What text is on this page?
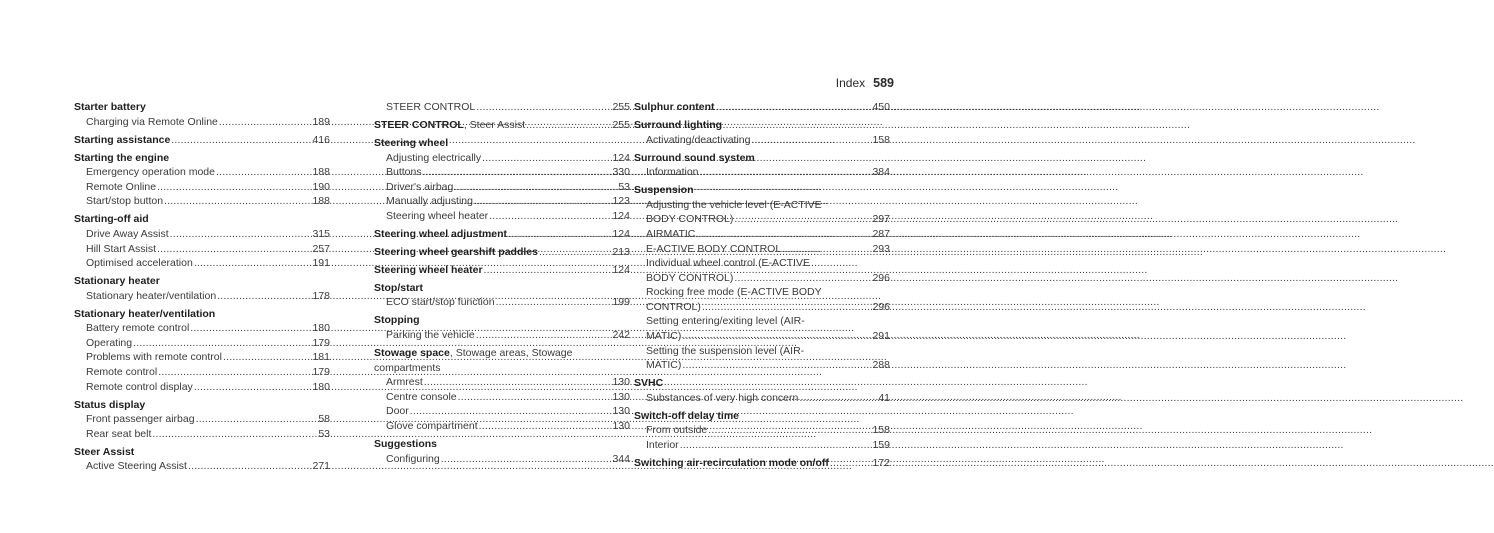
Index 589
Starter battery
Charging via Remote Online .....	189
Starting assistance .....	416
Starting the engine
Emergency operation mode .....	188
Remote Online .....	190
Start/stop button .....	188
Starting-off aid
Drive Away Assist .....	315
Hill Start Assist .....	257
Optimised acceleration .....	191
Stationary heater
Stationary heater/ventilation .....	178
Stationary heater/ventilation
Battery remote control .....	180
Operating .....	179
Problems with remote control .....	181
Remote control .....	179
Remote control display .....	180
Status display
Front passenger airbag .....	58
Rear seat belt .....	53
Steer Assist
Active Steering Assist .....	271
STEER CONTROL .....	255
STEER CONTROL, Steer Assist .....	255
Steering wheel
Adjusting electrically .....	124
Buttons .....	330
Driver's airbag .....	53
Manually adjusting .....	123
Steering wheel heater .....	124
Steering wheel adjustment .....	124
Steering wheel gearshift paddles .....	213
Steering wheel heater .....	124
Stop/start
ECO start/stop function .....	199
Stopping
Parking the vehicle .....	242
Stowage space, Stowage areas, Stowage
compartments
Armrest .....	130
Centre console .....	130
Door .....	130
Glove compartment .....	130
Suggestions
Configuring .....	344
Sulphur content .....	450
Surround lighting
Activating/deactivating .....	158
Surround sound system
Information .....	384
Suspension
Adjusting the vehicle level (E-ACTIVE
BODY CONTROL) .....	297
AIRMATIC .....	287
E-ACTIVE BODY CONTROL .....	293
Individual wheel control (E-ACTIVE
BODY CONTROL) .....	296
Rocking free mode (E-ACTIVE BODY
CONTROL) .....	296
Setting entering/exiting level (AIR-
MATIC) .....	291
Setting the suspension level (AIR-
MATIC) .....	288
SVHC
Substances of very high concern .....	41
Switch-off delay time
From outside .....	158
Interior .....	159
Switching air-recirculation mode on/off .....	172
